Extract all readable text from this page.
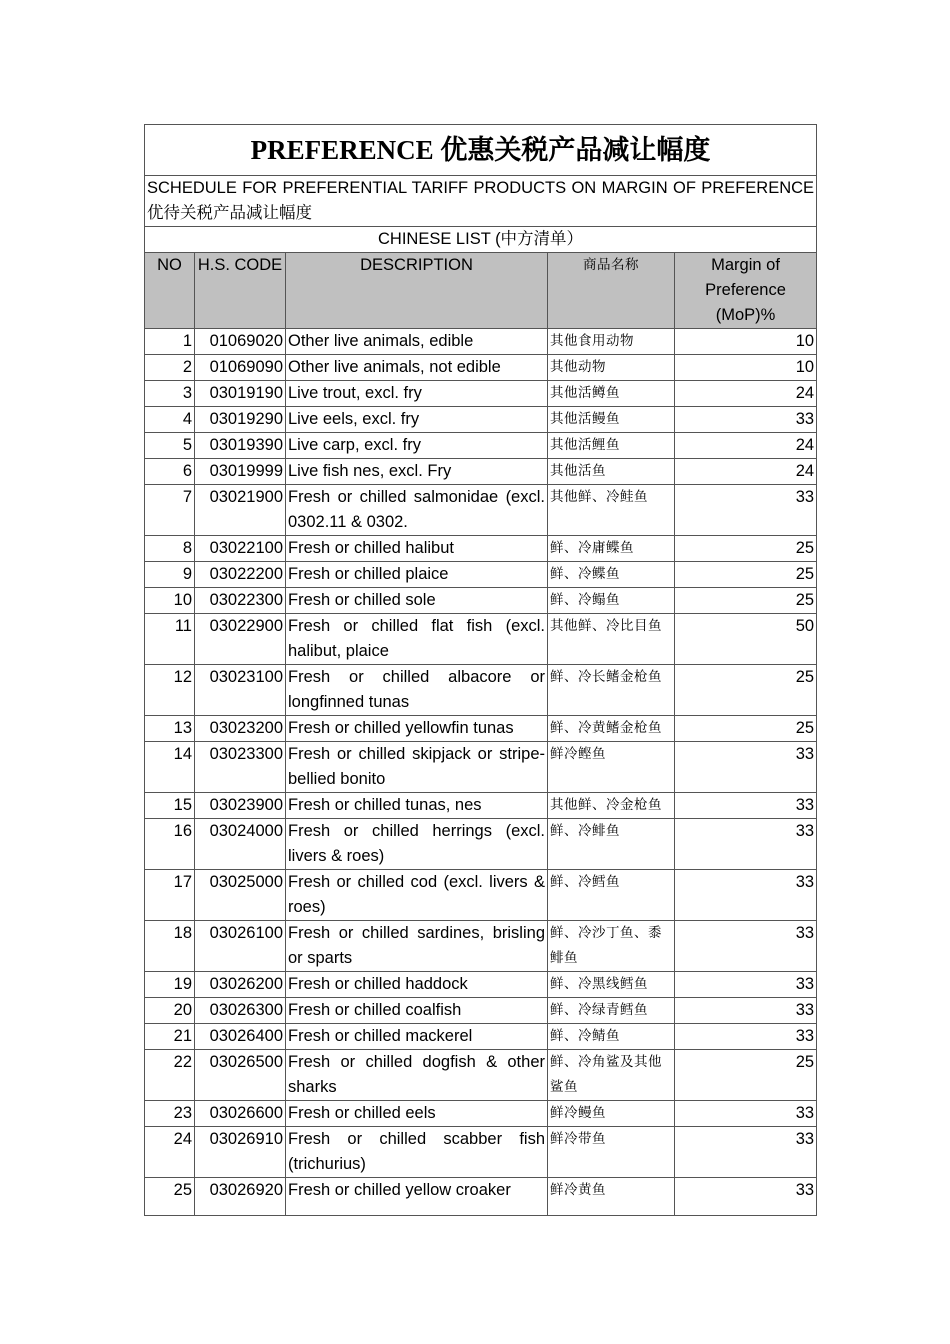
PREFERENCE 优惠关税产品减让幅度				
SCHEDULE FOR PREFERENTIAL TARIFF PRODUCTS ON MARGIN OF PREFERENCE 优待关税产品减让幅度				
CHINESE LIST (中方清单）				
NO	H.S. CODE	DESCRIPTION	商品名称	Margin of Preference (MoP)%
1	01069020	Other live animals, edible	其他食用动物	10
2	01069090	Other live animals, not edible	其他动物	10
3	03019190	Live trout, excl. fry	其他活鳟鱼	24
4	03019290	Live eels, excl. fry	其他活鳗鱼	33
5	03019390	Live carp, excl. fry	其他活鲤鱼	24
6	03019999	Live fish nes, excl. Fry	其他活鱼	24
7	03021900	Fresh or chilled salmonidae (excl. 0302.11 & 0302.	其他鲜、冷鲑鱼	33
8	03022100	Fresh or chilled halibut	鲜、冷庸鲽鱼	25
9	03022200	Fresh or chilled plaice	鲜、冷鲽鱼	25
10	03022300	Fresh or chilled sole	鲜、冷鳎鱼	25
11	03022900	Fresh or chilled flat fish (excl. halibut, plaice	其他鲜、冷比目鱼	50
12	03023100	Fresh or chilled albacore or longfinned tunas	鲜、冷长鳍金枪鱼	25
13	03023200	Fresh or chilled yellowfin tunas	鲜、冷黄鳍金枪鱼	25
14	03023300	Fresh or chilled skipjack or stripe-bellied bonito	鲜冷鲣鱼	33
15	03023900	Fresh or chilled tunas, nes	其他鲜、冷金枪鱼	33
16	03024000	Fresh or chilled herrings (excl. livers & roes)	鲜、冷鲱鱼	33
17	03025000	Fresh or chilled cod (excl. livers & roes)	鲜、冷鳕鱼	33
18	03026100	Fresh or chilled sardines, brisling or sparts	鲜、冷沙丁鱼、黍鲱鱼	33
19	03026200	Fresh or chilled haddock	鲜、冷黑线鳕鱼	33
20	03026300	Fresh or chilled coalfish	鲜、冷绿青鳕鱼	33
21	03026400	Fresh or chilled mackerel	鲜、冷鲭鱼	33
22	03026500	Fresh or chilled dogfish & other sharks	鲜、冷角鲨及其他鲨鱼	25
23	03026600	Fresh or chilled eels	鲜冷鳗鱼	33
24	03026910	Fresh or chilled scabber fish (trichurius)	鲜冷带鱼	33
25	03026920	Fresh or chilled yellow croaker	鲜冷黄鱼	33
